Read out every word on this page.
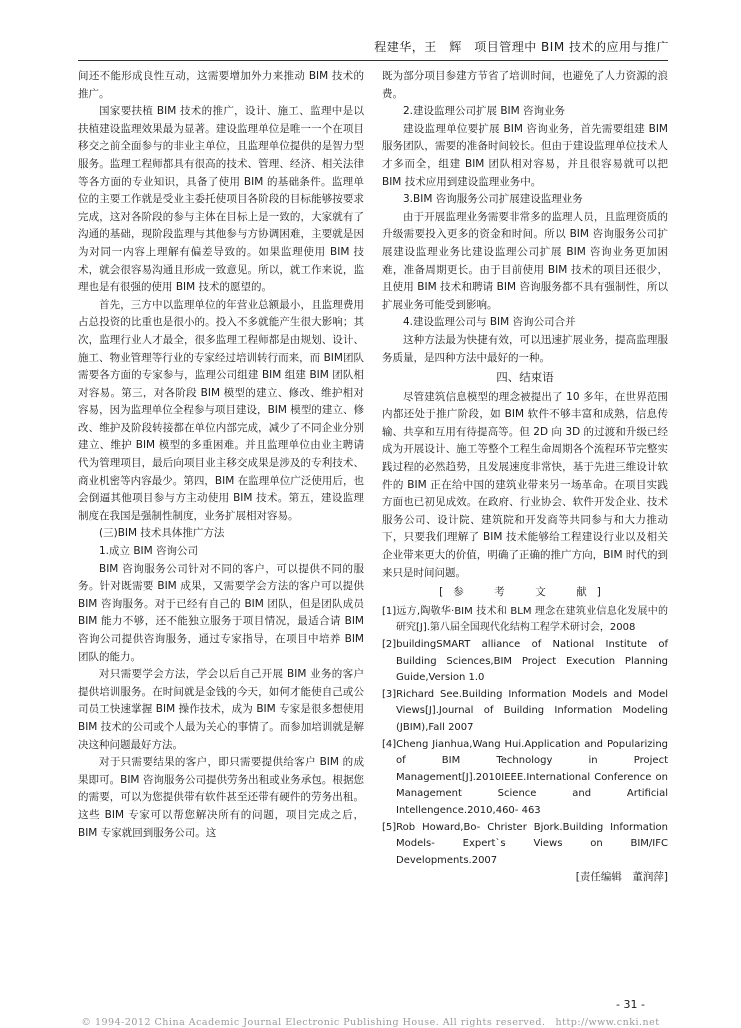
程建华，王　辉　项目管理中 BIM 技术的应用与推广

间还不能形成良性互动，这需要增加外力来推动 BIM 技术的推广。

国家要扶植 BIM 技术的推广，设计、施工、监理中是以扶植建设监理效果最为显著。建设监理单位是唯一一个在项目移交之前全面参与的非业主单位，且监理单位提供的是智力型服务。监理工程师都具有很高的技术、管理、经济、相关法律等各方面的专业知识，具备了使用 BIM 的基础条件。监理单位的主要工作就是受业主委托使项目各阶段的目标能够按要求完成，这对各阶段的参与主体在目标上是一致的，大家就有了沟通的基础，现阶段监理与其他参与方协调困难，主要就是因为对同一内容上理解有偏差导致的。如果监理使用 BIM 技术，就会很容易沟通且形成一致意见。所以，就工作来说，监理也是有很强的使用 BIM 技术的愿望的。

首先，三方中以监理单位的年营业总额最小，且监理费用占总投资的比重也是很小的。投入不多就能产生很大影响；其次，监理行业人才最全，很多监理工程师都是由规划、设计、施工、物业管理等行业的专家经过培训转行而来，而 BIM团队需要各方面的专家参与，监理公司组建 BIM 组建 BIM 团队相对容易。第三，对各阶段 BIM 模型的建立、修改、维护相对容易，因为监理单位全程参与项目建设，BIM 模型的建立、修改、维护及阶段转接都在单位内部完成，减少了不同企业分别建立、维护 BIM 模型的多重困难。并且监理单位由业主聘请代为管理项目，最后向项目业主移交成果是涉及的专利技术、商业机密等内容最少。第四，BIM 在监理单位广泛使用后，也会倒逼其他项目参与方主动使用 BIM 技术。第五，建设监理制度在我国是强制性制度，业务扩展相对容易。

(三)BIM 技术具体推广方法

1.成立 BIM 咨询公司

BIM 咨询服务公司针对不同的客户，可以提供不同的服务。针对既需要 BIM 成果，又需要学会方法的客户可以提供 BIM 咨询服务。对于已经有自己的 BIM 团队，但是团队成员 BIM 能力不够，还不能独立服务于项目情况，最适合请 BIM 咨询公司提供咨询服务，通过专家指导，在项目中培养 BIM 团队的能力。

对只需要学会方法，学会以后自己开展 BIM 业务的客户提供培训服务。在时间就是金钱的今天，如何才能使自己或公司员工快速掌握 BIM 操作技术，成为 BIM 专家是很多想使用 BIM 技术的公司或个人最为关心的事情了。而参加培训就是解决这种问题最好方法。

对于只需要结果的客户，即只需要提供给客户 BIM 的成果即可。BIM 咨询服务公司提供劳务出租或业务承包。根据您的需要，可以为您提供带有软件甚至还带有硬件的劳务出租。这些 BIM 专家可以帮您解决所有的问题，项目完成之后，BIM 专家就回到服务公司。这

既为部分项目参建方节省了培训时间，也避免了人力资源的浪费。

2.建设监理公司扩展 BIM 咨询业务

建设监理单位要扩展 BIM 咨询业务，首先需要组建 BIM 服务团队，需要的准备时间较长。但由于建设监理单位技术人才多而全，组建 BIM 团队相对容易，并且很容易就可以把 BIM 技术应用到建设监理业务中。

3.BIM 咨询服务公司扩展建设监理业务

由于开展监理业务需要非常多的监理人员，且监理资质的升级需要投入更多的资金和时间。所以 BIM 咨询服务公司扩展建设监理业务比建设监理公司扩展 BIM 咨询业务更加困难，准备周期更长。由于目前使用 BIM 技术的项目还很少，且使用 BIM 技术和聘请 BIM 咨询服务都不具有强制性，所以扩展业务可能受到影响。

4.建设监理公司与 BIM 咨询公司合并

这种方法最为快捷有效，可以迅速扩展业务，提高监理服务质量，是四种方法中最好的一种。

四、结束语

尽管建筑信息模型的理念被提出了 10 多年，在世界范围内都还处于推广阶段，如 BIM 软件不够丰富和成熟，信息传输、共享和互用有待提高等。但 2D 向 3D 的过渡和升级已经成为开展设计、施工等整个工程生命周期各个流程环节完整实践过程的必然趋势，且发展速度非常快，基于先进三维设计软件的 BIM 正在给中国的建筑业带来另一场革命。在项目实践方面也已初见成效。在政府、行业协会、软件开发企业、技术服务公司、设计院、建筑院和开发商等共同参与和大力推动下，只要我们理解了 BIM 技术能够给工程建设行业以及相关企业带来更大的价值，明确了正确的推广方向，BIM 时代的到来只是时间问题。

[参　考　文　献]

[1]远方,陶敬华·BIM 技术和 BLM 理念在建筑业信息化发展中的研究[J].第八届全国现代化结构工程学术研讨会，2008

[2]buildingSMART alliance of National Institute of Building Sciences,BIM Project Execution Planning Guide,Version 1.0

[3]Richard See.Building Information Models and Model Views[J].Journal of Building Information Modeling (JBIM),Fall 2007

[4]Cheng Jianhua,Wang Hui.Application and Popularizing of BIM Technology in Project Management[J].2010IEEE.International Conference on Management Science and Artificial Intellengence.2010,460- 463

[5]Rob Howard,Bo- Christer Bjork.Building Information Models- Expert`s Views on BIM/IFC Developments.2007

[责任编辑　董润萍]

- 31 -
© 1994-2012 China Academic Journal Electronic Publishing House. All rights reserved.　http://www.cnki.net
